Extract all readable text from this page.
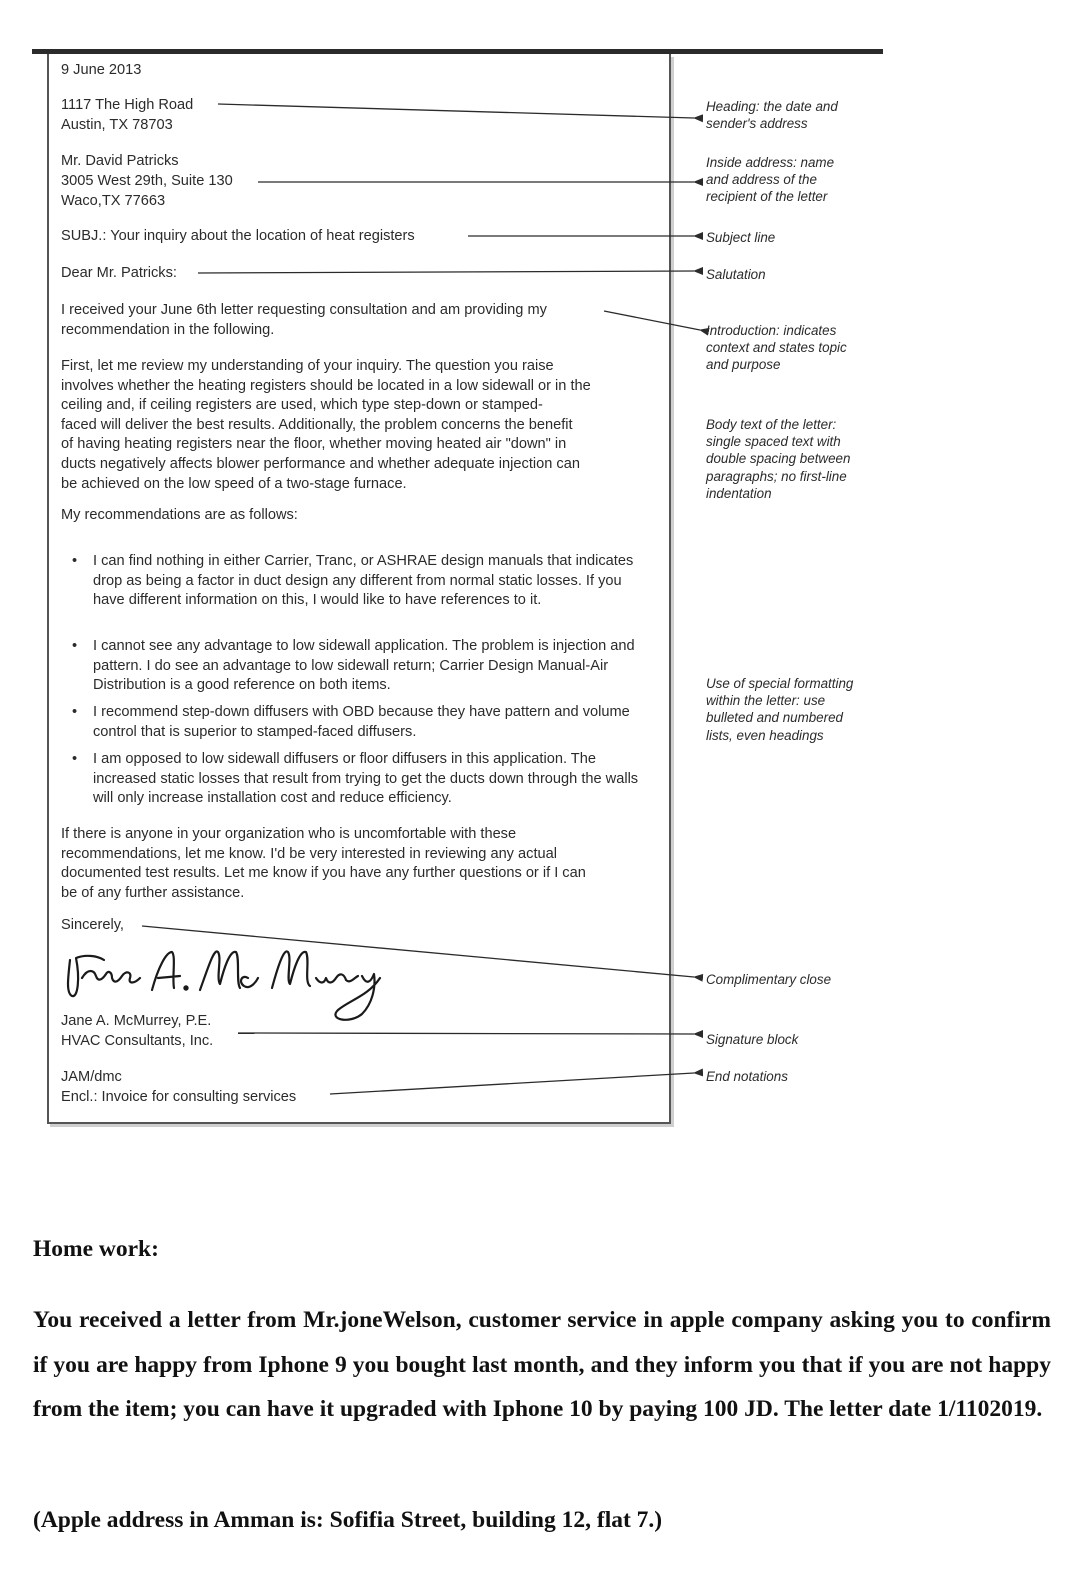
9 June 2013
1117 The High Road
Austin, TX 78703
Mr. David Patricks
3005 West 29th, Suite 130
Waco,TX 77663
SUBJ.: Your inquiry about the location of heat registers
Dear Mr. Patricks:
I received your June 6th letter requesting consultation and am providing my
recommendation in the following.
First, let me review my understanding of your inquiry. The question you raise
involves whether the heating registers should be located in a low sidewall or in the
ceiling and, if ceiling registers are used, which type step-down or stamped-
faced will deliver the best results. Additionally, the problem concerns the benefit
of having heating registers near the floor, whether moving heated air "down" in
ducts negatively affects blower performance and whether adequate injection can
be achieved on the low speed of a two-stage furnace.
My recommendations are as follows:
• I can find nothing in either Carrier, Tranc, or ASHRAE design manuals that indicates drop as being a factor in duct design any different from normal static losses. If you have different information on this, I would like to have references to it.
• I cannot see any advantage to low sidewall application. The problem is injection and pattern. I do see an advantage to low sidewall return; Carrier Design Manual-Air Distribution is a good reference on both items.
• I recommend step-down diffusers with OBD because they have pattern and volume control that is superior to stamped-faced diffusers.
• I am opposed to low sidewall diffusers or floor diffusers in this application. The increased static losses that result from trying to get the ducts down through the walls will only increase installation cost and reduce efficiency.
If there is anyone in your organization who is uncomfortable with these
recommendations, let me know. I'd be very interested in reviewing any actual
documented test results. Let me know if you have any further questions or if I can
be of any further assistance.
Sincerely,
Jane A. McMurrey, P.E.
HVAC Consultants, Inc.
JAM/dmc
Encl.: Invoice for consulting services
Heading: the date and
sender's address
Inside address: name
and address of the
recipient of the letter
Subject line
Salutation
Introduction: indicates
context and states topic
and purpose
Body text of the letter:
single spaced text with
double spacing between
paragraphs; no first-line
indentation
Use of special formatting
within the letter: use
bulleted and numbered
lists, even headings
Complimentary close
Signature block
End notations
Home work:
You received a letter from Mr.joneWelson, customer service in apple company asking you to confirm if you are happy from Iphone 9 you bought last month, and they inform you that if you are not happy from the item; you can have it upgraded with Iphone 10 by paying 100 JD. The letter date 1/1102019.
(Apple address in Amman is: Sofifia Street, building 12, flat 7.)
